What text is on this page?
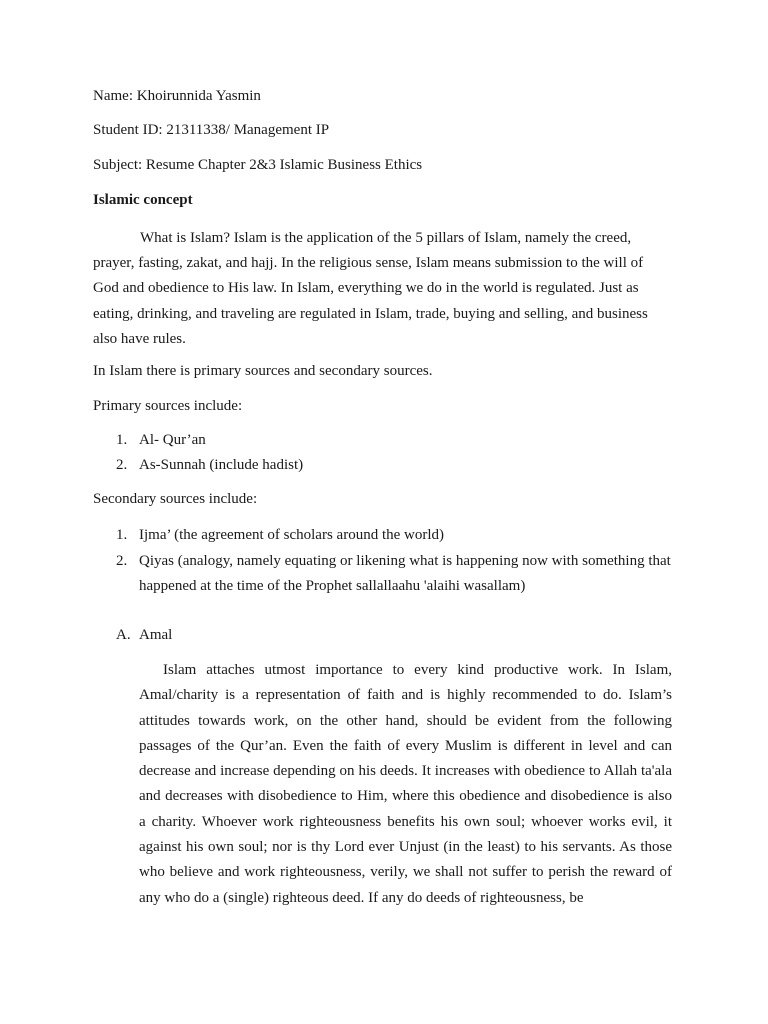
Name: Khoirunnida Yasmin

Student ID: 21311338/ Management IP

Subject: Resume Chapter 2&3 Islamic Business Ethics

Islamic concept

What is Islam? Islam is the application of the 5 pillars of Islam, namely the creed, prayer, fasting, zakat, and hajj. In the religious sense, Islam means submission to the will of God and obedience to His law. In Islam, everything we do in the world is regulated. Just as eating, drinking, and traveling are regulated in Islam, trade, buying and selling, and business also have rules.

In Islam there is primary sources and secondary sources.

Primary sources include:

1. Al- Qur’an
2. As-Sunnah (include hadist)

Secondary sources include:

1. Ijma’ (the agreement of scholars around the world)
2. Qiyas (analogy, namely equating or likening what is happening now with something that happened at the time of the Prophet sallallaahu 'alaihi wasallam)

A. Amal

Islam attaches utmost importance to every kind productive work. In Islam, Amal/charity is a representation of faith and is highly recommended to do. Islam’s attitudes towards work, on the other hand, should be evident from the following passages of the Qur’an. Even the faith of every Muslim is different in level and can decrease and increase depending on his deeds. It increases with obedience to Allah ta'ala and decreases with disobedience to Him, where this obedience and disobedience is also a charity. Whoever work righteousness benefits his own soul; whoever works evil, it against his own soul; nor is thy Lord ever Unjust (in the least) to his servants. As those who believe and work righteousness, verily, we shall not suffer to perish the reward of any who do a (single) righteous deed. If any do deeds of righteousness, be
